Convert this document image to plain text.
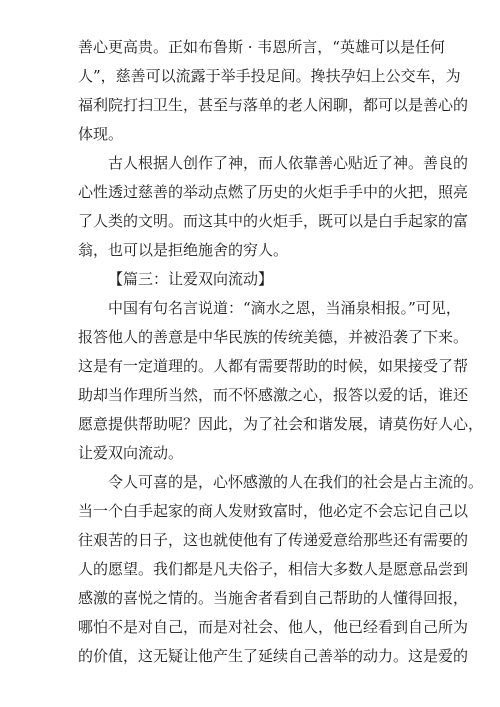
善心更高贵。正如布鲁斯 · 韦恩所言，“英雄可以是任何
人”，慈善可以流露于举手投足间。搀扶孕妇上公交车，为
福利院打扫卫生，甚至与落单的老人闲聊，都可以是善心的
体现。
古人根据人创作了神，而人依靠善心贴近了神。善良的
心性透过慈善的举动点燃了历史的火炬手手中的火把，照亮
了人类的文明。而这其中的火炬手，既可以是白手起家的富
翁，也可以是拒绝施舍的穷人。
【篇三：让爱双向流动】
中国有句名言说道：“滴水之恩，当涌泉相报。”可见，
报答他人的善意是中华民族的传统美德，并被沿袭了下来。
这是有一定道理的。人都有需要帮助的时候，如果接受了帮
助却当作理所当然，而不怀感激之心，报答以爱的话，谁还
愿意提供帮助呢？因此，为了社会和谐发展，请莫伤好人心，
让爱双向流动。
令人可喜的是，心怀感激的人在我们的社会是占主流的。
当一个白手起家的商人发财致富时，他必定不会忘记自己以
往艰苦的日子，这也就使他有了传递爱意给那些还有需要的
人的愿望。我们都是凡夫俗子，相信大多数人是愿意品尝到
感激的喜悦之情的。当施舍者看到自己帮助的人懂得回报，
哪怕不是对自己，而是对社会、他人，他已经看到自己所为
的价值，这无疑让他产生了延续自己善举的动力。这是爱的
